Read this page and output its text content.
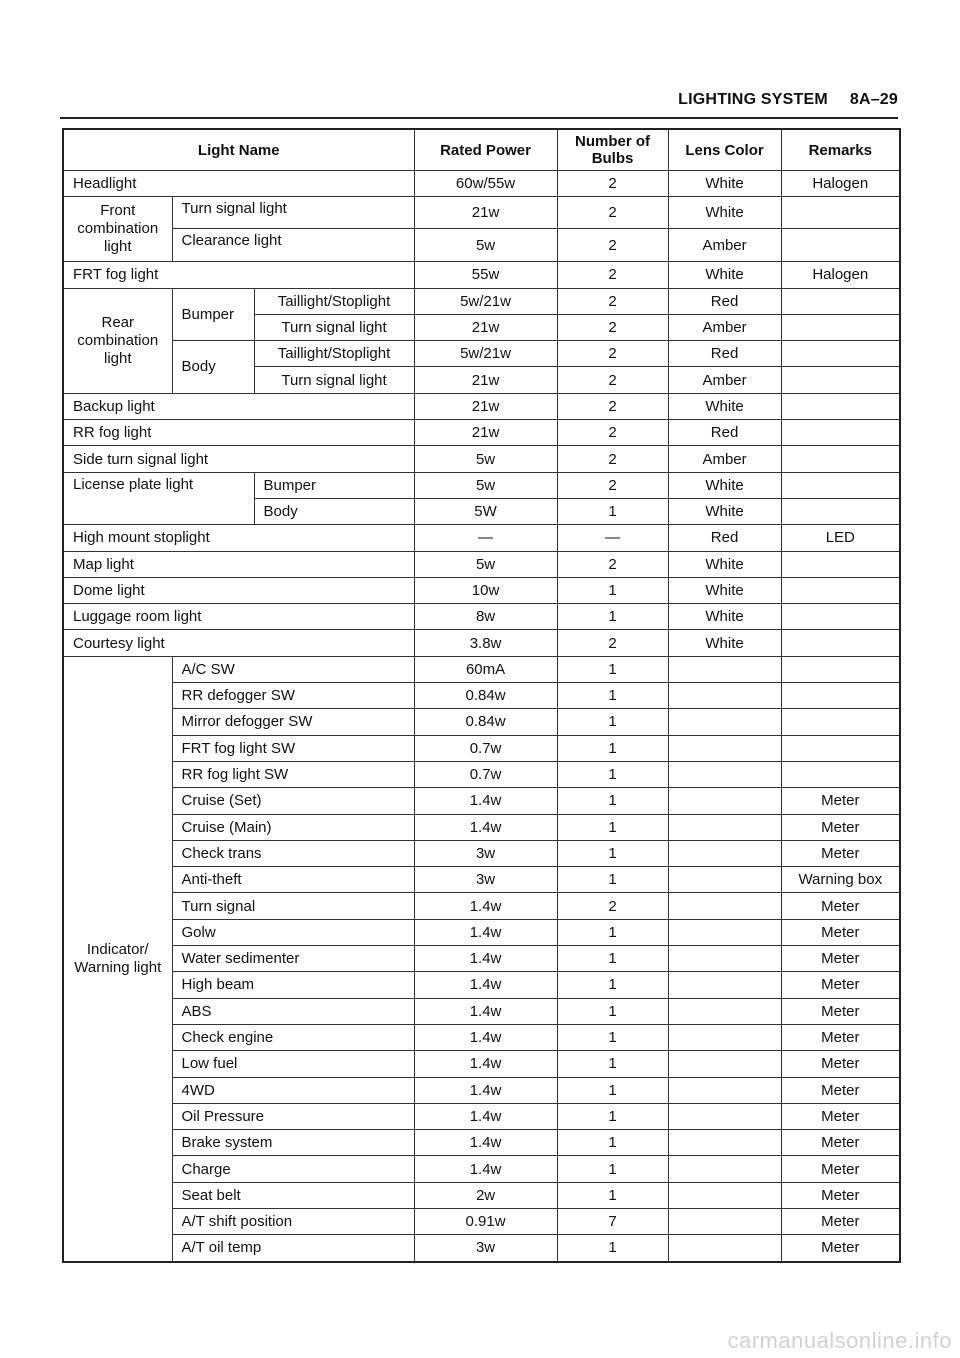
LIGHTING SYSTEM 8A–29
Light Name			Rated Power	Number of Bulbs	Lens Color	Remarks
Headlight			60w/55w	2	White	Halogen
Front combination light	Turn signal light		21w	2	White	
	Clearance light		5w	2	Amber	
FRT fog light			55w	2	White	Halogen
Rear combination light	Bumper	Taillight/Stoplight	5w/21w	2	Red	
		Turn signal light	21w	2	Amber	
	Body	Taillight/Stoplight	5w/21w	2	Red	
		Turn signal light	21w	2	Amber	
Backup light			21w	2	White	
RR fog light			21w	2	Red	
Side turn signal light			5w	2	Amber	
License plate light		Bumper	5w	2	White	
		Body	5W	1	White	
High mount stoplight			—	—	Red	LED
Map light			5w	2	White	
Dome light			10w	1	White	
Luggage room light			8w	1	White	
Courtesy light			3.8w	2	White	
Indicator/ Warning light	A/C SW		60mA	1		
	RR defogger SW		0.84w	1		
	Mirror defogger SW		0.84w	1		
	FRT fog light SW		0.7w	1		
	RR fog light SW		0.7w	1		
	Cruise (Set)		1.4w	1		Meter
	Cruise (Main)		1.4w	1		Meter
	Check trans		3w	1		Meter
	Anti-theft		3w	1		Warning box
	Turn signal		1.4w	2		Meter
	Golw		1.4w	1		Meter
	Water sedimenter		1.4w	1		Meter
	High beam		1.4w	1		Meter
	ABS		1.4w	1		Meter
	Check engine		1.4w	1		Meter
	Low fuel		1.4w	1		Meter
	4WD		1.4w	1		Meter
	Oil Pressure		1.4w	1		Meter
	Brake system		1.4w	1		Meter
	Charge		1.4w	1		Meter
	Seat belt		2w	1		Meter
	A/T shift position		0.91w	7		Meter
	A/T oil temp		3w	1		Meter
carmanualsonline.info
